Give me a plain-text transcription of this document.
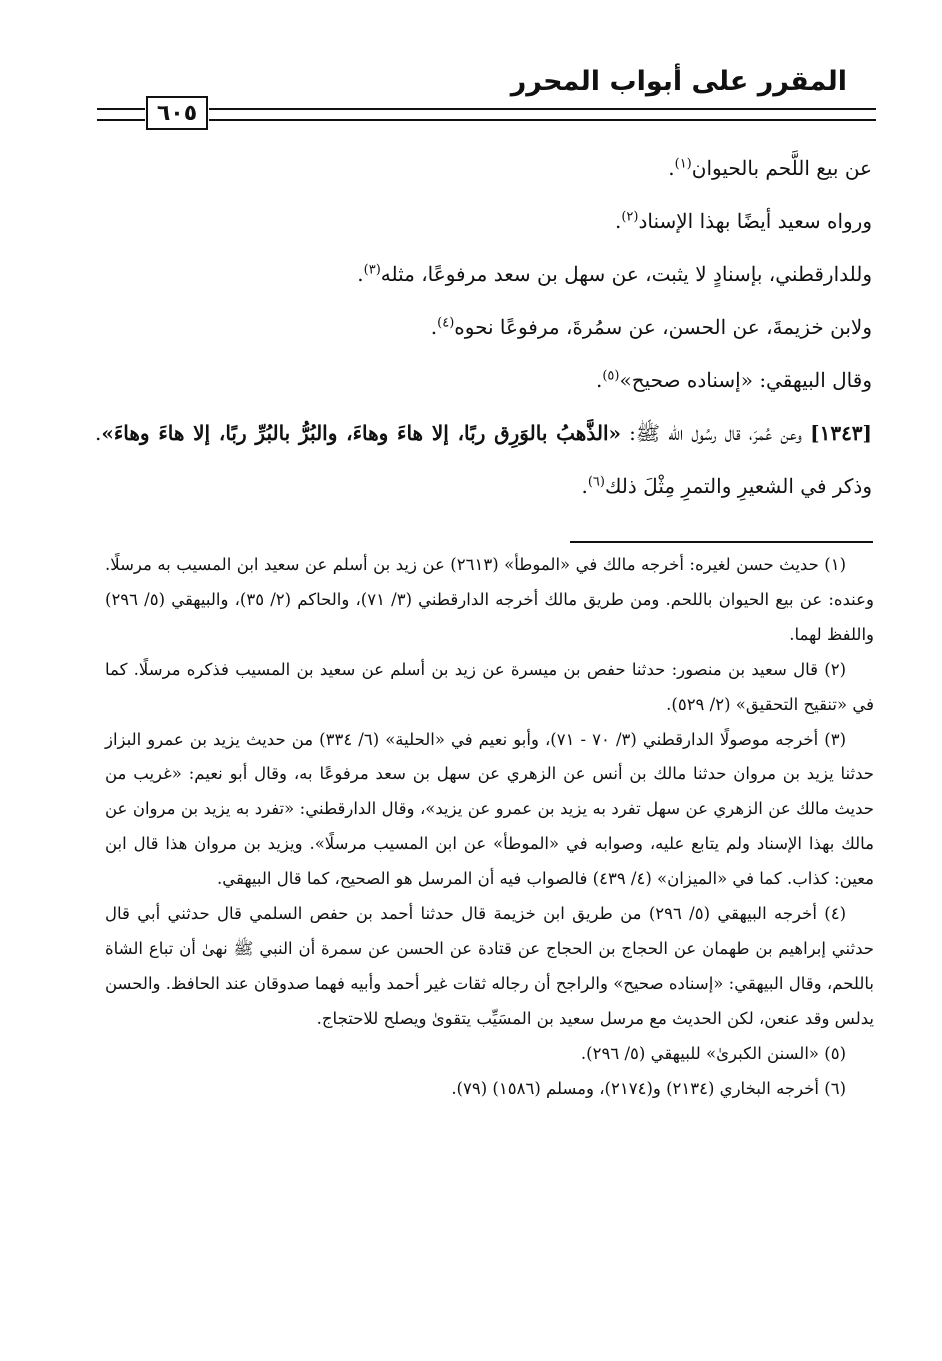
المقرر على أبواب المحرر
٦٠٥

عن بيع اللَّحم بالحيوان$^{(١)}$.

ورواه سعيد أيضًا بهذا الإسناد$^{(٢)}$.

وللدارقطني، بإسنادٍ لا يثبت، عن سهل بن سعد مرفوعًا، مثله$^{(٣)}$.

ولابن خزيمةَ، عن الحسن، عن سمُرةَ، مرفوعًا نحوه$^{(٤)}$.

وقال البيهقي: «إسناده صحيح»$^{(٥)}$.

[١٣٤٣] وعن عُمرَ، قال رسُول الله ﷺ: «الذَّهبُ بالوَرِق ربًا، إلا هاءَ وهاءَ، والبُرُّ بالبُرِّ ربًا، إلا هاءَ وهاءَ». وذكر في الشعيرِ والتمرِ مِثْلَ ذلك$^{(٦)}$.

(١) حديث حسن لغيره: أخرجه مالك في «الموطأ» (٢٦١٣) عن زيد بن أسلم عن سعيد ابن المسيب به مرسلًا. وعنده: عن بيع الحيوان باللحم. ومن طريق مالك أخرجه الدارقطني (٣/ ٧١)، والحاكم (٢/ ٣٥)، والبيهقي (٥/ ٢٩٦) واللفظ لهما.

(٢) قال سعيد بن منصور: حدثنا حفص بن ميسرة عن زيد بن أسلم عن سعيد بن المسيب فذكره مرسلًا. كما في «تنقيح التحقيق» (٢/ ٥٢٩).

(٣) أخرجه موصولًا الدارقطني (٣/ ٧٠ - ٧١)، وأبو نعيم في «الحلية» (٦/ ٣٣٤) من حديث يزيد بن عمرو البزاز حدثنا يزيد بن مروان حدثنا مالك بن أنس عن الزهري عن سهل بن سعد مرفوعًا به، وقال أبو نعيم: «غريب من حديث مالك عن الزهري عن سهل تفرد به يزيد بن عمرو عن يزيد»، وقال الدارقطني: «تفرد به يزيد بن مروان عن مالك بهذا الإسناد ولم يتابع عليه، وصوابه في «الموطأ» عن ابن المسيب مرسلًا». ويزيد بن مروان هذا قال ابن معين: كذاب. كما في «الميزان» (٤/ ٤٣٩) فالصواب فيه أن المرسل هو الصحيح، كما قال البيهقي.

(٤) أخرجه البيهقي (٥/ ٢٩٦) من طريق ابن خزيمة قال حدثنا أحمد بن حفص السلمي قال حدثني أبي قال حدثني إبراهيم بن طهمان عن الحجاج بن الحجاج عن قتادة عن الحسن عن سمرة أن النبي ﷺ نهىٰ أن تباع الشاة باللحم، وقال البيهقي: «إسناده صحيح» والراجح أن رجاله ثقات غير أحمد وأبيه فهما صدوقان عند الحافظ. والحسن يدلس وقد عنعن، لكن الحديث مع مرسل سعيد بن المسَيِّب يتقوىٰ ويصلح للاحتجاج.

(٥) «السنن الكبرىٰ» للبيهقي (٥/ ٢٩٦).

(٦) أخرجه البخاري (٢١٣٤) و(٢١٧٤)، ومسلم (١٥٨٦) (٧٩).
